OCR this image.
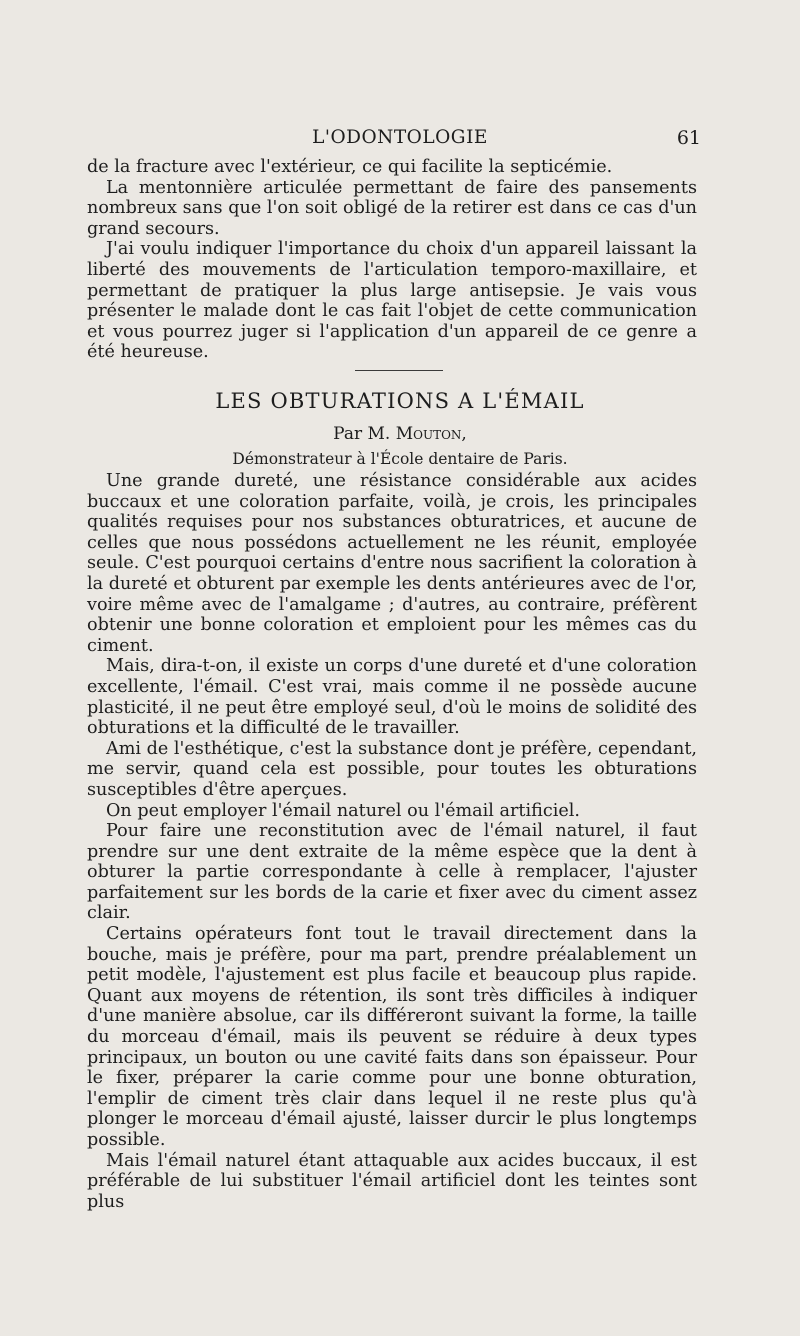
L'ODONTOLOGIE	61

de la fracture avec l'extérieur, ce qui facilite la septicémie.

La mentonnière articulée permettant de faire des pansements nombreux sans que l'on soit obligé de la retirer est dans ce cas d'un grand secours.

J'ai voulu indiquer l'importance du choix d'un appareil laissant la liberté des mouvements de l'articulation temporo-maxillaire, et permettant de pratiquer la plus large antisepsie. Je vais vous présenter le malade dont le cas fait l'objet de cette communication et vous pourrez juger si l'application d'un appareil de ce genre a été heureuse.

LES OBTURATIONS A L'ÉMAIL
Par M. Mouton,
Démonstrateur à l'École dentaire de Paris.

Une grande dureté, une résistance considérable aux acides buccaux et une coloration parfaite, voilà, je crois, les principales qualités requises pour nos substances obturatrices, et aucune de celles que nous possédons actuellement ne les réunit, employée seule. C'est pourquoi certains d'entre nous sacrifient la coloration à la dureté et obturent par exemple les dents antérieures avec de l'or, voire même avec de l'amalgame ; d'autres, au contraire, préfèrent obtenir une bonne coloration et emploient pour les mêmes cas du ciment.

Mais, dira-t-on, il existe un corps d'une dureté et d'une coloration excellente, l'émail. C'est vrai, mais comme il ne possède aucune plasticité, il ne peut être employé seul, d'où le moins de solidité des obturations et la difficulté de le travailler.

Ami de l'esthétique, c'est la substance dont je préfère, cependant, me servir, quand cela est possible, pour toutes les obturations susceptibles d'être aperçues.

On peut employer l'émail naturel ou l'émail artificiel.

Pour faire une reconstitution avec de l'émail naturel, il faut prendre sur une dent extraite de la même espèce que la dent à obturer la partie correspondante à celle à remplacer, l'ajuster parfaitement sur les bords de la carie et fixer avec du ciment assez clair.

Certains opérateurs font tout le travail directement dans la bouche, mais je préfère, pour ma part, prendre préalablement un petit modèle, l'ajustement est plus facile et beaucoup plus rapide. Quant aux moyens de rétention, ils sont très difficiles à indiquer d'une manière absolue, car ils différeront suivant la forme, la taille du morceau d'émail, mais ils peuvent se réduire à deux types principaux, un bouton ou une cavité faits dans son épaisseur. Pour le fixer, préparer la carie comme pour une bonne obturation, l'emplir de ciment très clair dans lequel il ne reste plus qu'à plonger le morceau d'émail ajusté, laisser durcir le plus longtemps possible.

Mais l'émail naturel étant attaquable aux acides buccaux, il est préférable de lui substituer l'émail artificiel dont les teintes sont plus
